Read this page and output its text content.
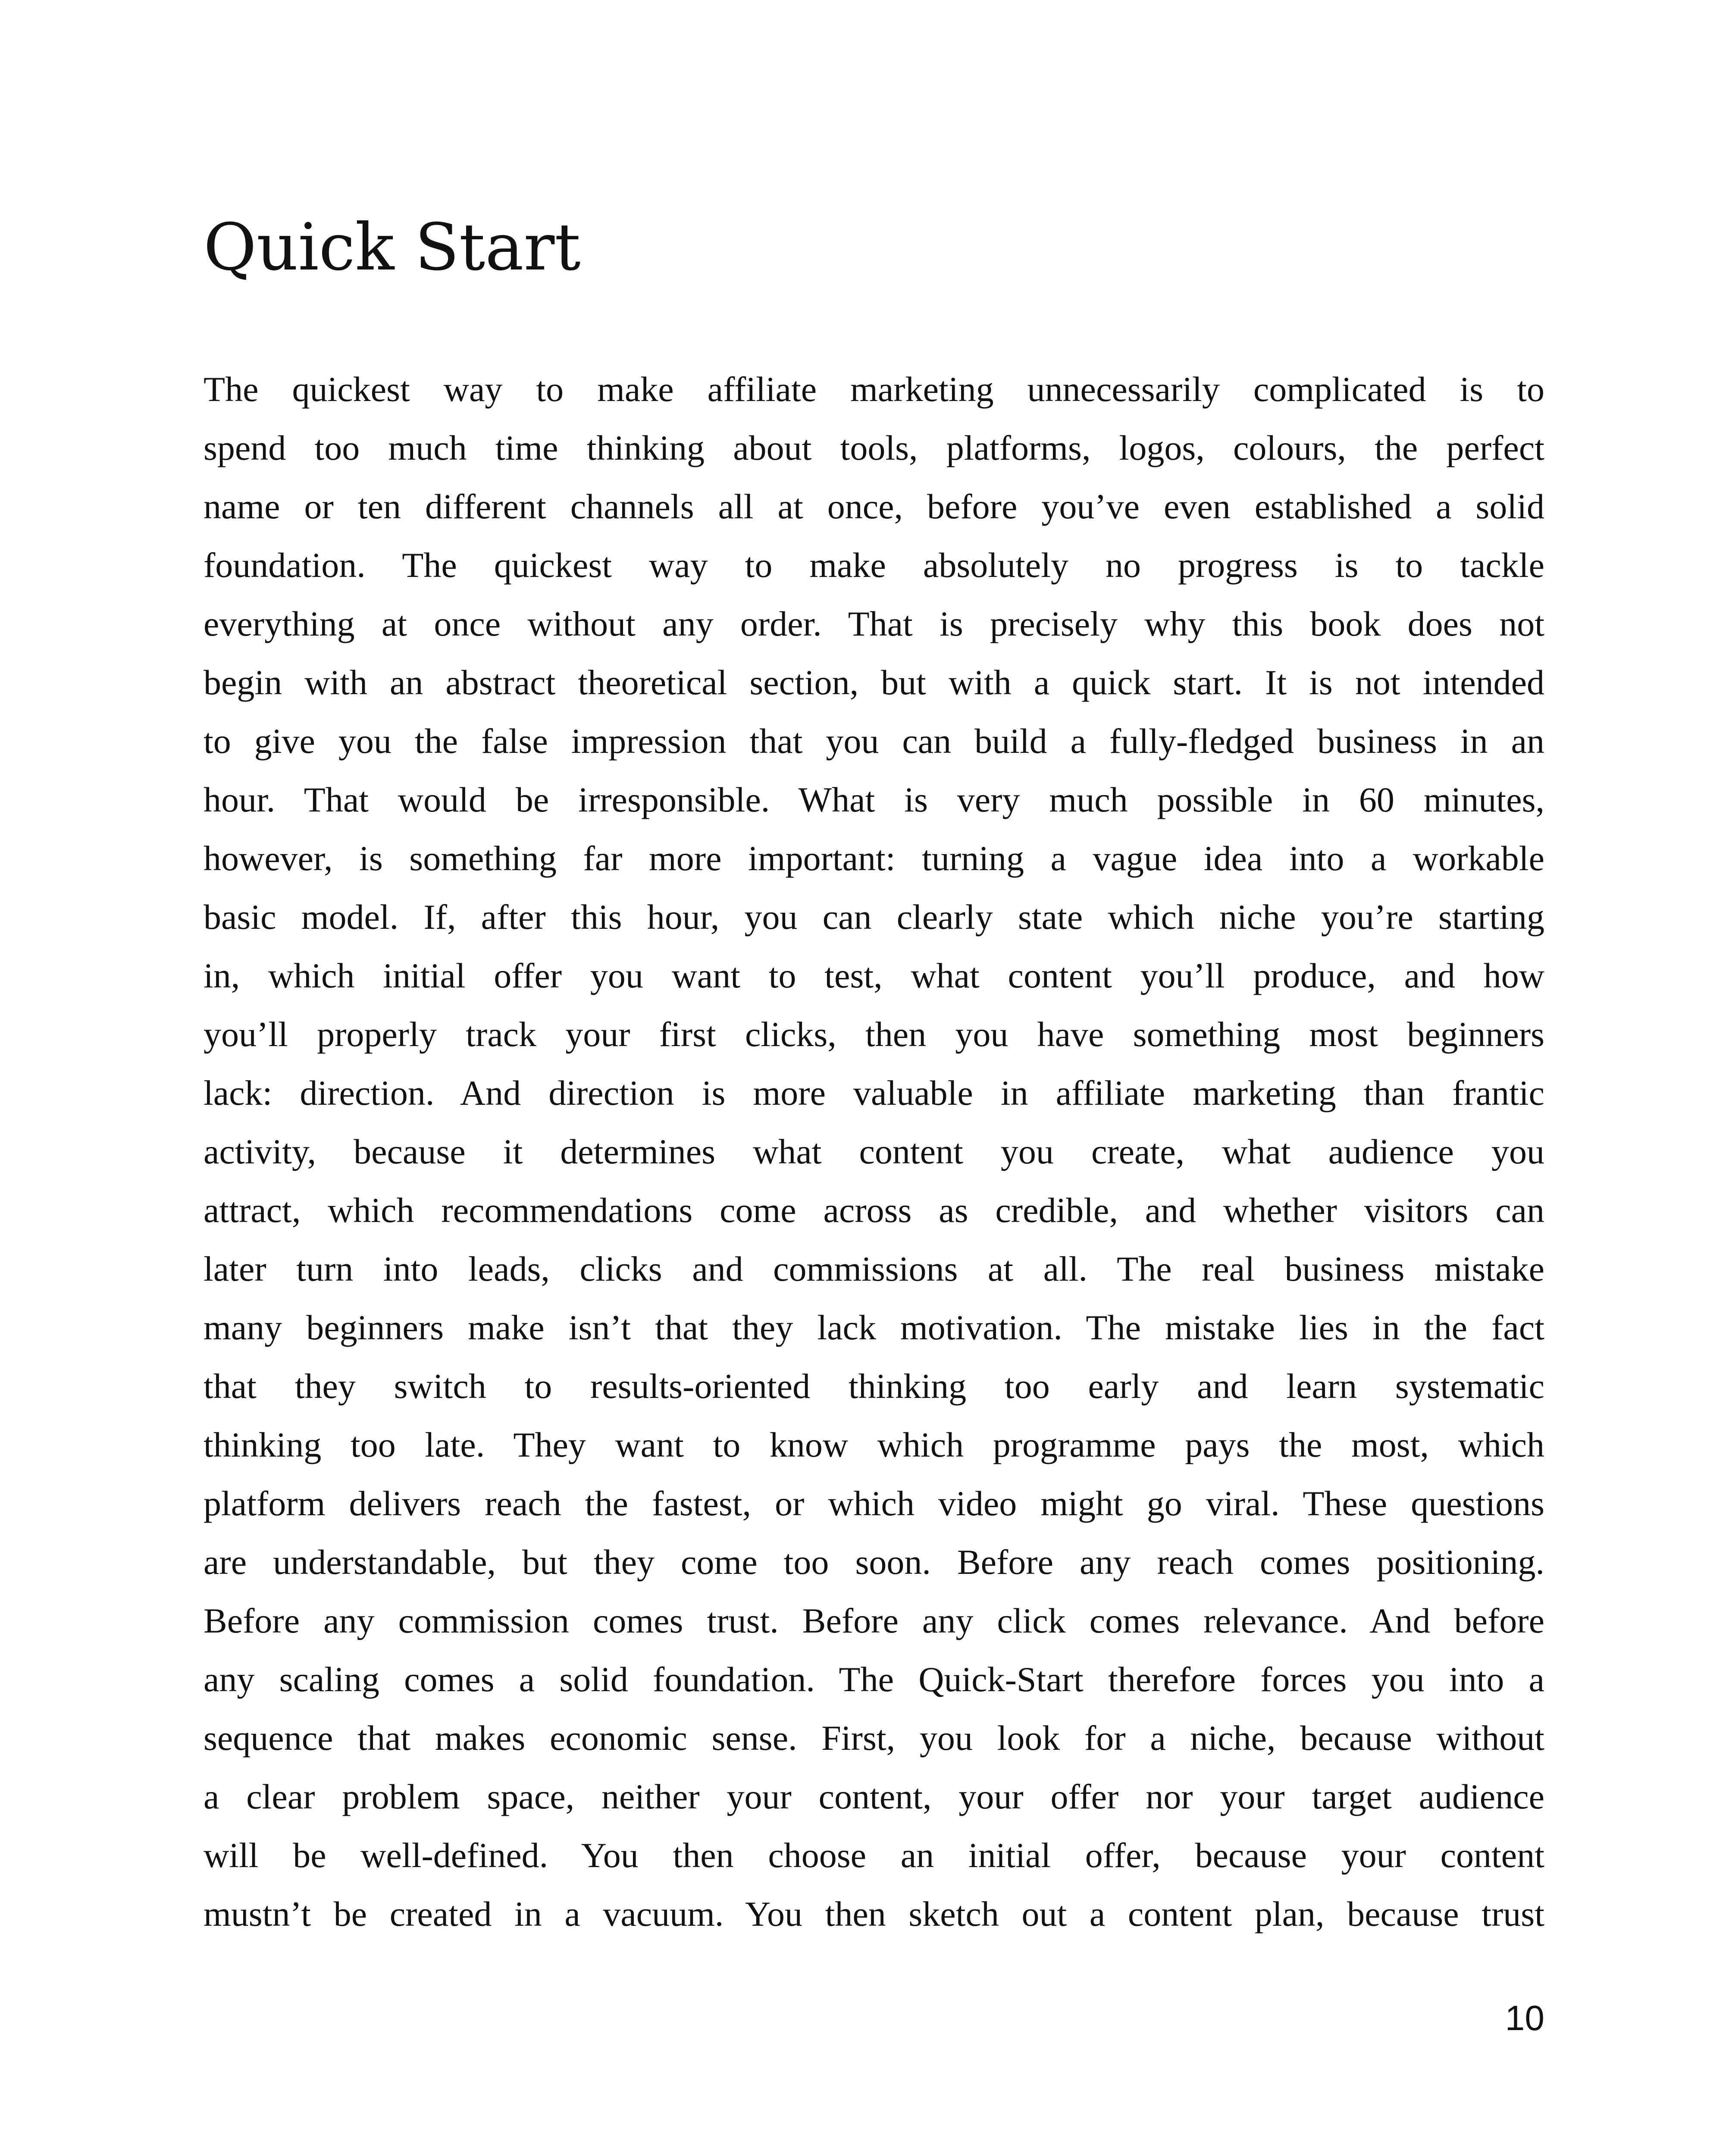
Quick Start
The quickest way to make affiliate marketing unnecessarily complicated is to
spend too much time thinking about tools, platforms, logos, colours, the perfect
name or ten different channels all at once, before you’ve even established a solid
foundation. The quickest way to make absolutely no progress is to tackle
everything at once without any order. That is precisely why this book does not
begin with an abstract theoretical section, but with a quick start. It is not intended
to give you the false impression that you can build a fully-fledged business in an
hour. That would be irresponsible. What is very much possible in 60 minutes,
however, is something far more important: turning a vague idea into a workable
basic model. If, after this hour, you can clearly state which niche you’re starting
in, which initial offer you want to test, what content you’ll produce, and how
you’ll properly track your first clicks, then you have something most beginners
lack: direction. And direction is more valuable in affiliate marketing than frantic
activity, because it determines what content you create, what audience you
attract, which recommendations come across as credible, and whether visitors can
later turn into leads, clicks and commissions at all. The real business mistake
many beginners make isn’t that they lack motivation. The mistake lies in the fact
that they switch to results-oriented thinking too early and learn systematic
thinking too late. They want to know which programme pays the most, which
platform delivers reach the fastest, or which video might go viral. These questions
are understandable, but they come too soon. Before any reach comes positioning.
Before any commission comes trust. Before any click comes relevance. And before
any scaling comes a solid foundation. The Quick-Start therefore forces you into a
sequence that makes economic sense. First, you look for a niche, because without
a clear problem space, neither your content, your offer nor your target audience
will be well-defined. You then choose an initial offer, because your content
mustn’t be created in a vacuum. You then sketch out a content plan, because trust
10
